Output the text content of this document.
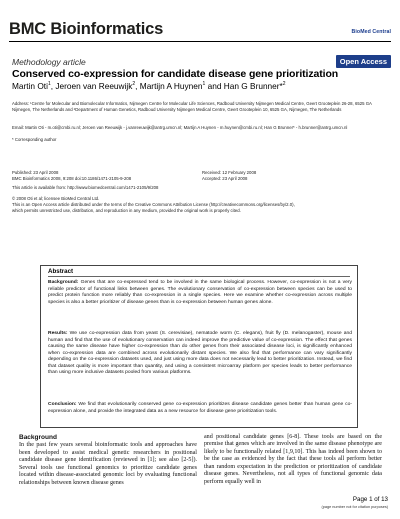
BMC Bioinformatics	BioMed Central
Methodology article	Open Access
Conserved co-expression for candidate disease gene prioritization
Martin Oti$^1$, Jeroen van Reeuwijk$^2$, Martijn A Huynen$^1$ and Han G Brunner*$^2$
Address: ¹Centre for Molecular and Biomolecular Informatics, Nijmegen Centre for Molecular Life Sciences, Radboud University Nijmegen Medical Centre, Geert Grooteplein 26-28, 6525 GA Nijmegen, The Netherlands and ²Department of Human Genetics, Radboud University Nijmegen Medical Centre, Geert Grooteplein 10, 6525 GA, Nijmegen, The Netherlands
Email: Martin Oti - m.oti@cmbi.ru.nl; Jeroen van Reeuwijk - j.vanreeuwijk@antrg.umcn.nl; Martijn A Huynen - m.huynen@cmbi.ru.nl; Han G Brunner* - h.brunner@antrg.umcn.nl
* Corresponding author
Published: 23 April 2008
BMC Bioinformatics 2008, 9:208 doi:10.1186/1471-2105-9-208
Received: 12 February 2008
Accepted: 23 April 2008
This article is available from: http://www.biomedcentral.com/1471-2105/9/208
© 2008 Oti et al; licensee BioMed Central Ltd.
This is an Open Access article distributed under the terms of the Creative Commons Attribution License (http://creativecommons.org/licenses/by/2.0),
which permits unrestricted use, distribution, and reproduction in any medium, provided the original work is properly cited.
Abstract
Background: Genes that are co-expressed tend to be involved in the same biological process. However, co-expression is not a very reliable predictor of functional links between genes. The evolutionary conservation of co-expression between species can be used to predict protein function more reliably than co-expression in a single species. Here we examine whether co-expression across multiple species is also a better prioritizer of disease genes than is co-expression between human genes alone.
Results: We use co-expression data from yeast (S. cerevisiae), nematode worm (C. elegans), fruit fly (D. melanogaster), mouse and human and find that the use of evolutionary conservation can indeed improve the predictive value of co-expression. The effect that genes causing the same disease have higher co-expression than do other genes from their associated disease loci, is significantly enhanced when co-expression data are combined across evolutionarily distant species. We also find that performance can vary significantly depending on the co-expression datasets used, and just using more data does not necessarily lead to better prioritization. Instead, we find that dataset quality is more important than quantity, and using a consistent microarray platform per species leads to better performance than using more inclusive datasets pooled from various platforms.
Conclusion: We find that evolutionarily conserved gene co-expression prioritizes disease candidate genes better than human gene co-expression alone, and provide the integrated data as a new resource for disease gene prioritization tools.
Background
In the past few years several bioinformatic tools and approaches have been developed to assist medical genetic researchers in positional candidate disease gene identification (reviewed in [1]; see also [2-5]). Several tools use functional genomics to prioritize candidate genes located within disease-associated genomic loci by evaluating functional relationships between known disease genes
and positional candidate genes [6-8]. These tools are based on the premise that genes which are involved in the same disease phenotype are likely to be functionally related [1,9,10]. This has indeed been shown to be the case as evidenced by the fact that these tools all perform better than random expectation in the prediction or prioritization of candidate disease genes. Nevertheless, not all types of functional genomic data perform equally well in
Page 1 of 13
(page number not for citation purposes)
